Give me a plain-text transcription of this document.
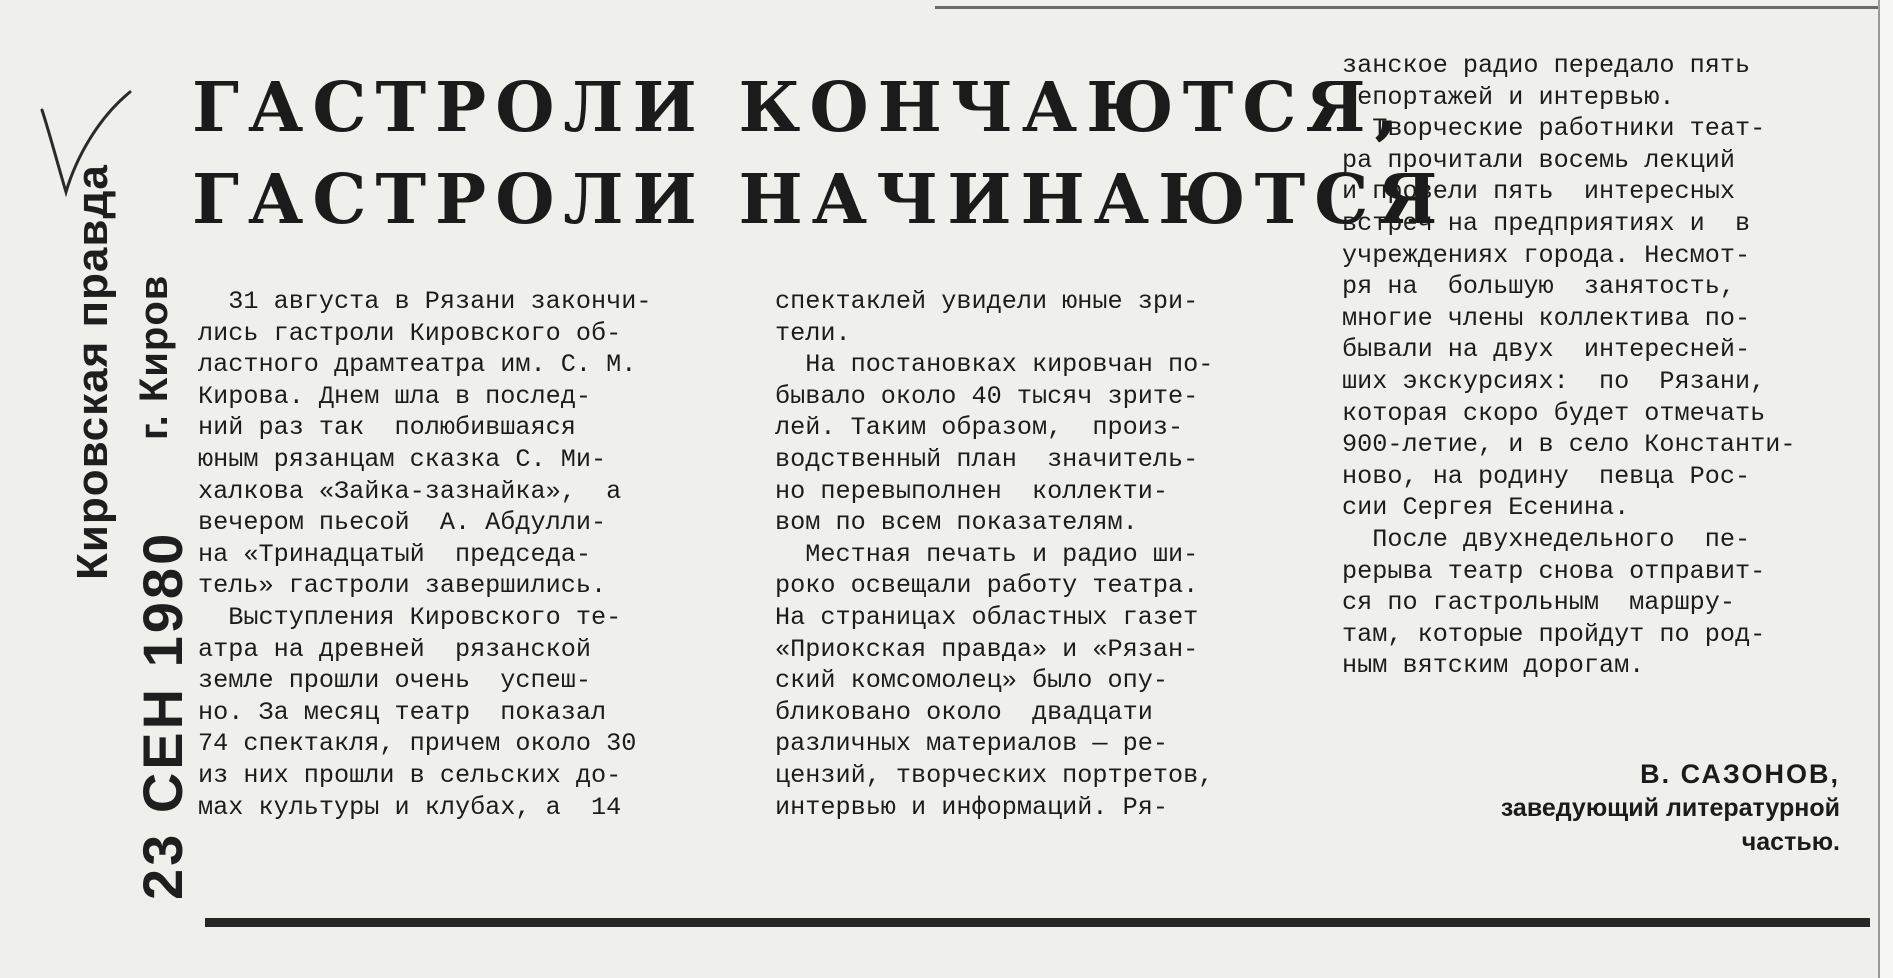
Кировская правда г. Киров
23 СЕН 1980
ГАСТРОЛИ КОНЧАЮТСЯ,
ГАСТРОЛИ НАЧИНАЮТСЯ
31 августа в Рязани закончи-
лись гастроли Кировского об-
ластного драмтеатра им. С. М.
Кирова. Днем шла в послед-
ний раз так  полюбившаяся
юным рязанцам сказка С. Ми-
халкова «Зайка-зазнайка»,  а
вечером пьесой  А. Абдулли-
на «Тринадцатый  председа-
тель» гастроли завершились.
Выступления Кировского те-
атра на древней  рязанской
земле прошли очень  успеш-
но. За месяц театр  показал
74 спектакля, причем около 30
из них прошли в сельских до-
мах культуры и клубах, а  14
спектаклей увидели юные зри-
тели.
На постановках кировчан по-
бывало около 40 тысяч зрите-
лей. Таким образом,  произ-
водственный план  значитель-
но перевыполнен  коллекти-
вом по всем показателям.
Местная печать и радио ши-
роко освещали работу театра.
На страницах областных газет
«Приокская правда» и «Рязан-
ский комсомолец» было опу-
бликовано около  двадцати
различных материалов — ре-
цензий, творческих портретов,
интервью и информаций. Ря-
занское радио передало пять
репортажей и интервью.
Творческие работники теат-
ра прочитали восемь лекций
и провели пять  интересных
встреч на предприятиях и  в
учреждениях города. Несмот-
ря на  большую  занятость,
многие члены коллектива по-
бывали на двух  интересней-
ших экскурсиях:  по  Рязани,
которая скоро будет отмечать
900-летие, и в село Константи-
ново, на родину  певца Рос-
сии Сергея Есенина.
После двухнедельного  пе-
рерыва театр снова отправит-
ся по гастрольным  маршру-
там, которые пройдут по род-
ным вятским дорогам.
В. САЗОНОВ,
заведующий литературной
частью.
